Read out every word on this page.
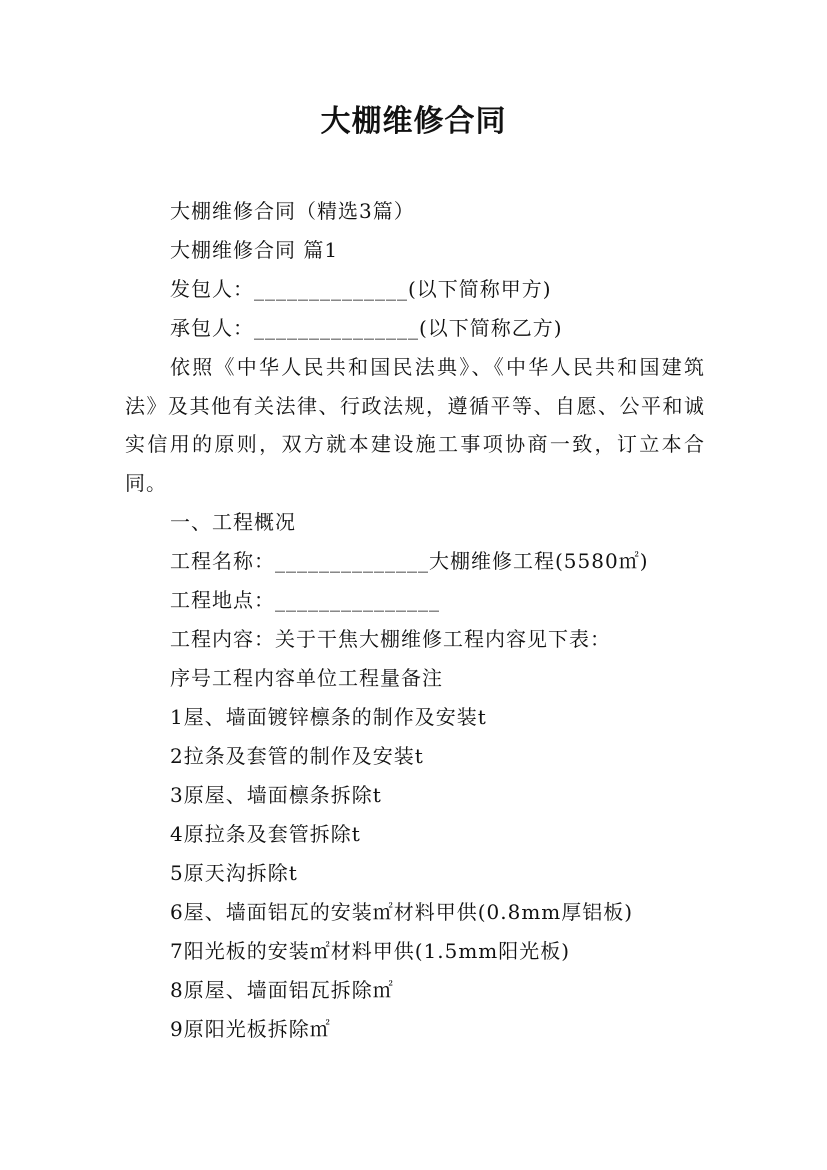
大棚维修合同
大棚维修合同（精选3篇）
大棚维修合同 篇1
发包人：______________(以下简称甲方)
承包人：_______________(以下简称乙方)
依照《中华人民共和国民法典》、《中华人民共和国建筑法》及其他有关法律、行政法规，遵循平等、自愿、公平和诚实信用的原则，双方就本建设施工事项协商一致，订立本合同。
一、工程概况
工程名称：______________大棚维修工程(5580㎡)
工程地点：_______________
工程内容：关于干焦大棚维修工程内容见下表：
序号工程内容单位工程量备注
1屋、墙面镀锌檩条的制作及安装t
2拉条及套管的制作及安装t
3原屋、墙面檩条拆除t
4原拉条及套管拆除t
5原天沟拆除t
6屋、墙面铝瓦的安装㎡材料甲供(0.8mm厚铝板)
7阳光板的安装㎡材料甲供(1.5mm阳光板)
8原屋、墙面铝瓦拆除㎡
9原阳光板拆除㎡
